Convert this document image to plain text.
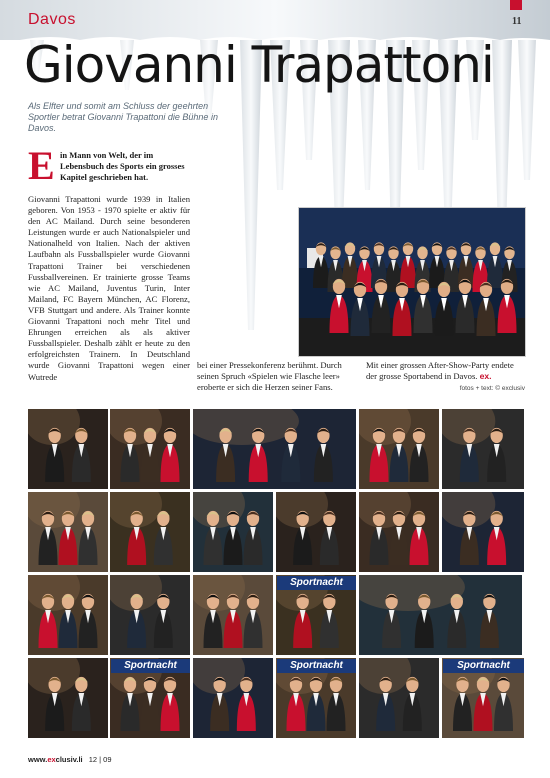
11
Davos
Giovanni Trapattoni
Als Elfter und somit am Schluss der geehrten Sportler betrat Giovanni Trapattoni die Bühne in Davos.
E in Mann von Welt, der im Lebensbuch des Sports ein grosses Kapitel geschrieben hat.
Giovanni Trapattoni wurde 1939 in Italien geboren. Von 1953 - 1970 spielte er aktiv für den AC Mailand. Durch seine besonderen Leistungen wurde er auch Nationalspieler und Nationalheld von Italien. Nach der aktiven Laufbahn als Fussballspieler wurde Giovanni Trapattoni Trainer bei verschiedenen Fussballvereinen. Er trainierte grosse Teams wie AC Mailand, Juventus Turin, Inter Mailand, FC Bayern München, AC Florenz, VFB Stuttgart und andere. Als Trainer konnte Giovanni Trapattoni noch mehr Titel und Ehrungen erreichen als als aktiver Fussballspieler. Deshalb zählt er heute zu den erfolgreichsten Trainern. In Deutschland wurde Giovanni Trapattoni wegen einer Wutrede
bei einer Pressekonferenz berühmt. Durch seinen Spruch «Spielen wie Flasche leer» eroberte er sich die Herzen seiner Fans.
Mit einer grossen After-Show-Party endete der grosse Sportabend in Davos. ex.
fotos + text: © exclusiv
Sportnacht
Sportnacht
Sportnacht
Sportnacht
www.exclusiv.li 12 | 09
